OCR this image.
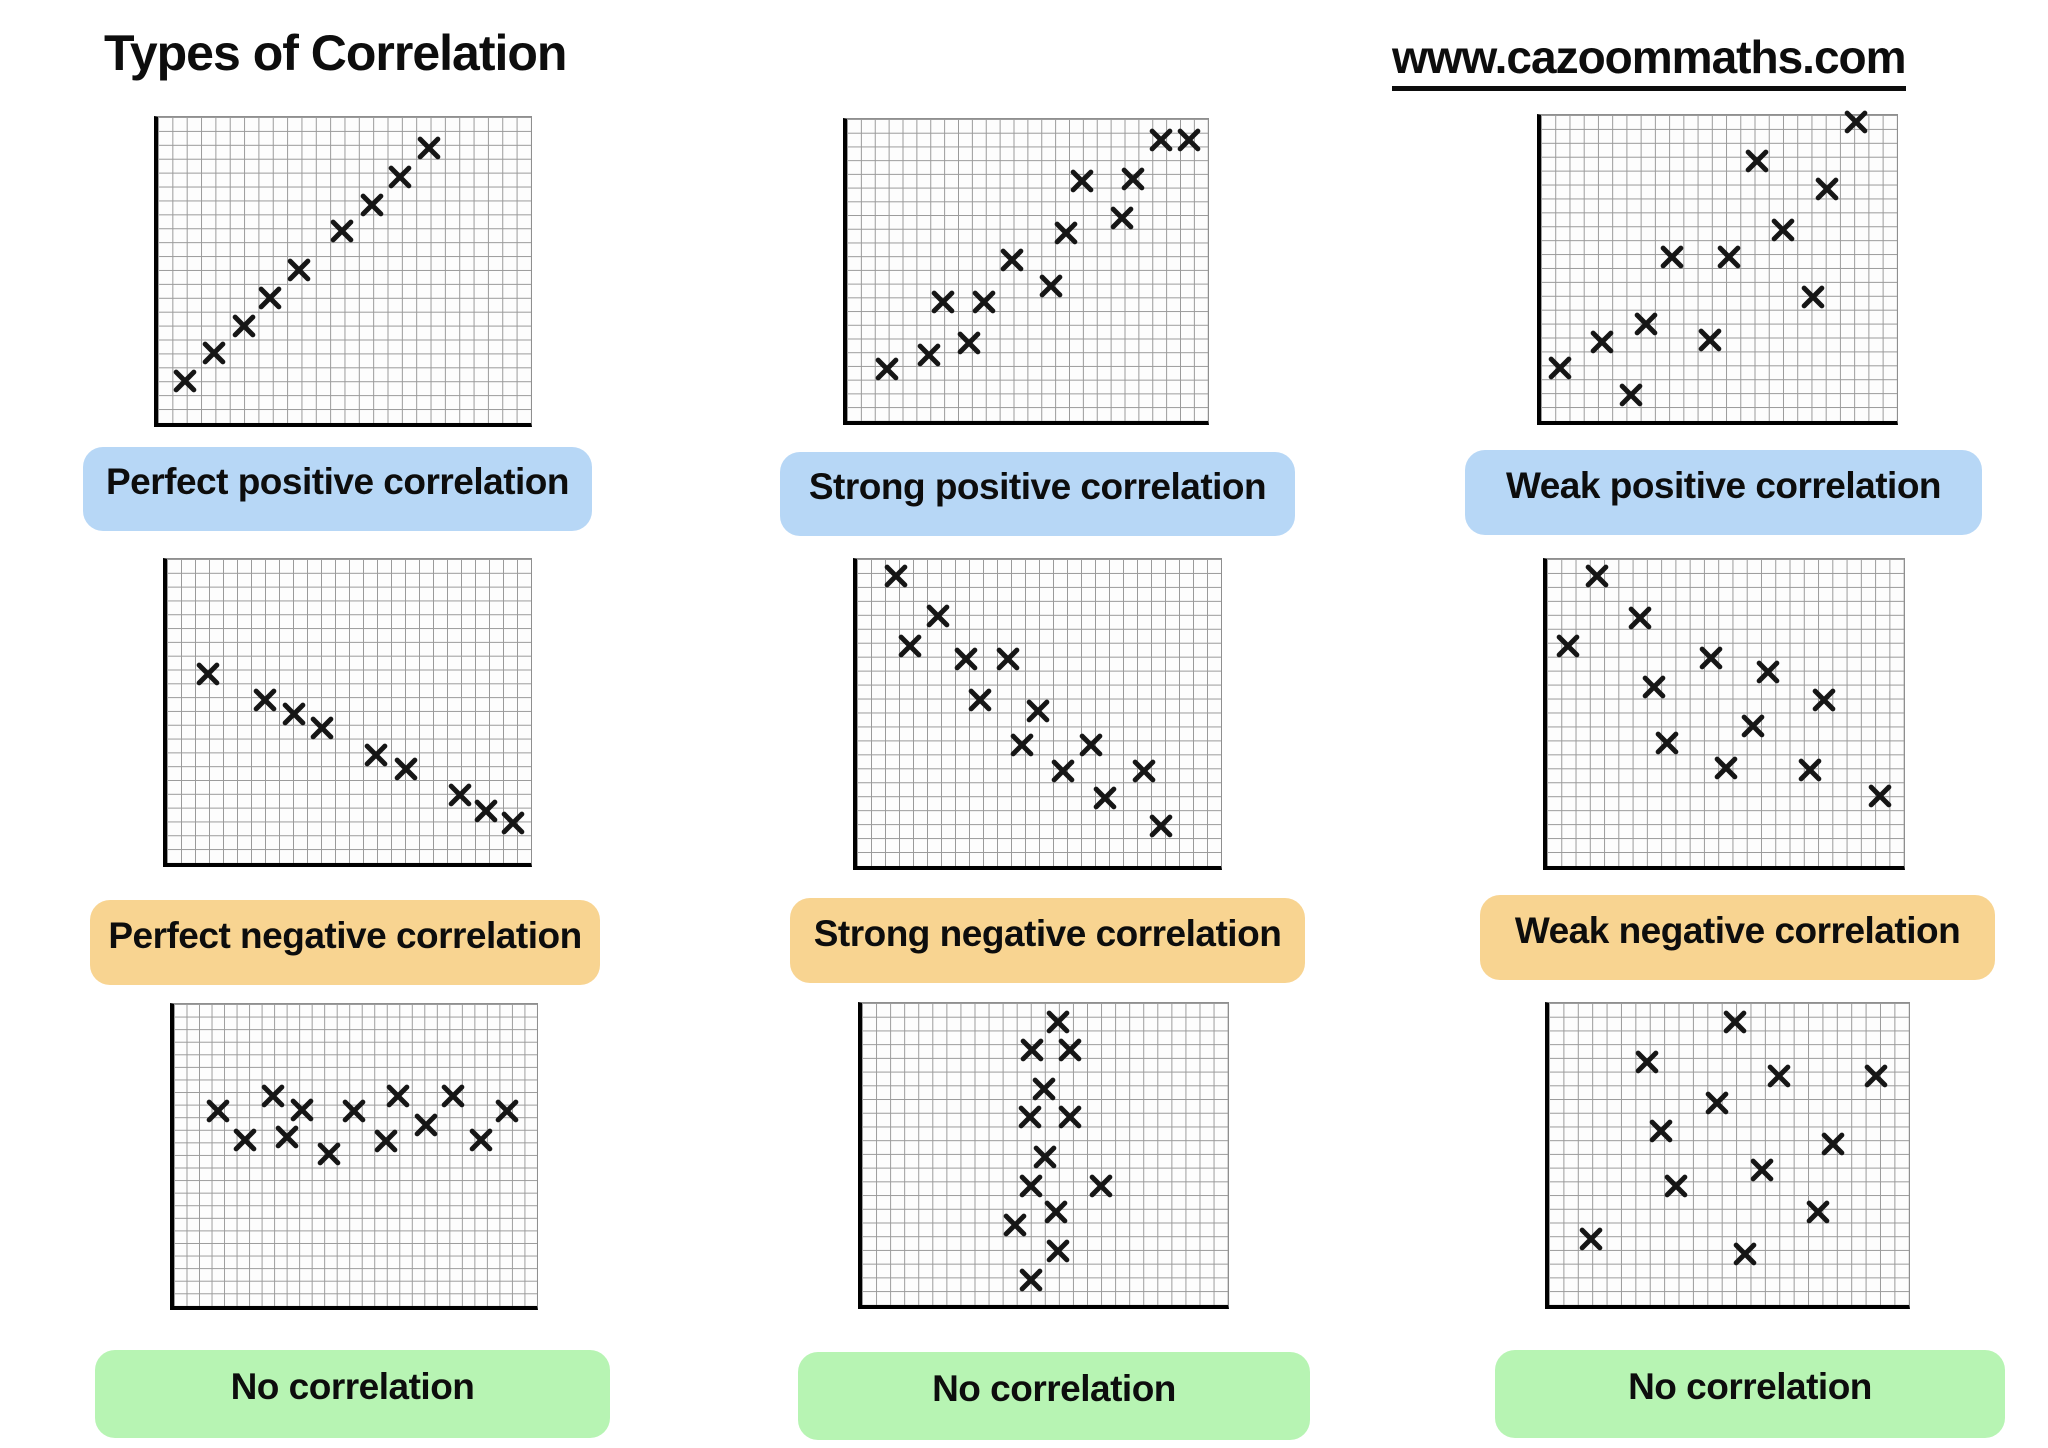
Types of Correlation	www.cazoommaths.com
Perfect positive correlation	Strong positive correlation	Weak positive correlation
Perfect negative correlation	Strong negative correlation	Weak negative correlation
No correlation	No correlation	No correlation
